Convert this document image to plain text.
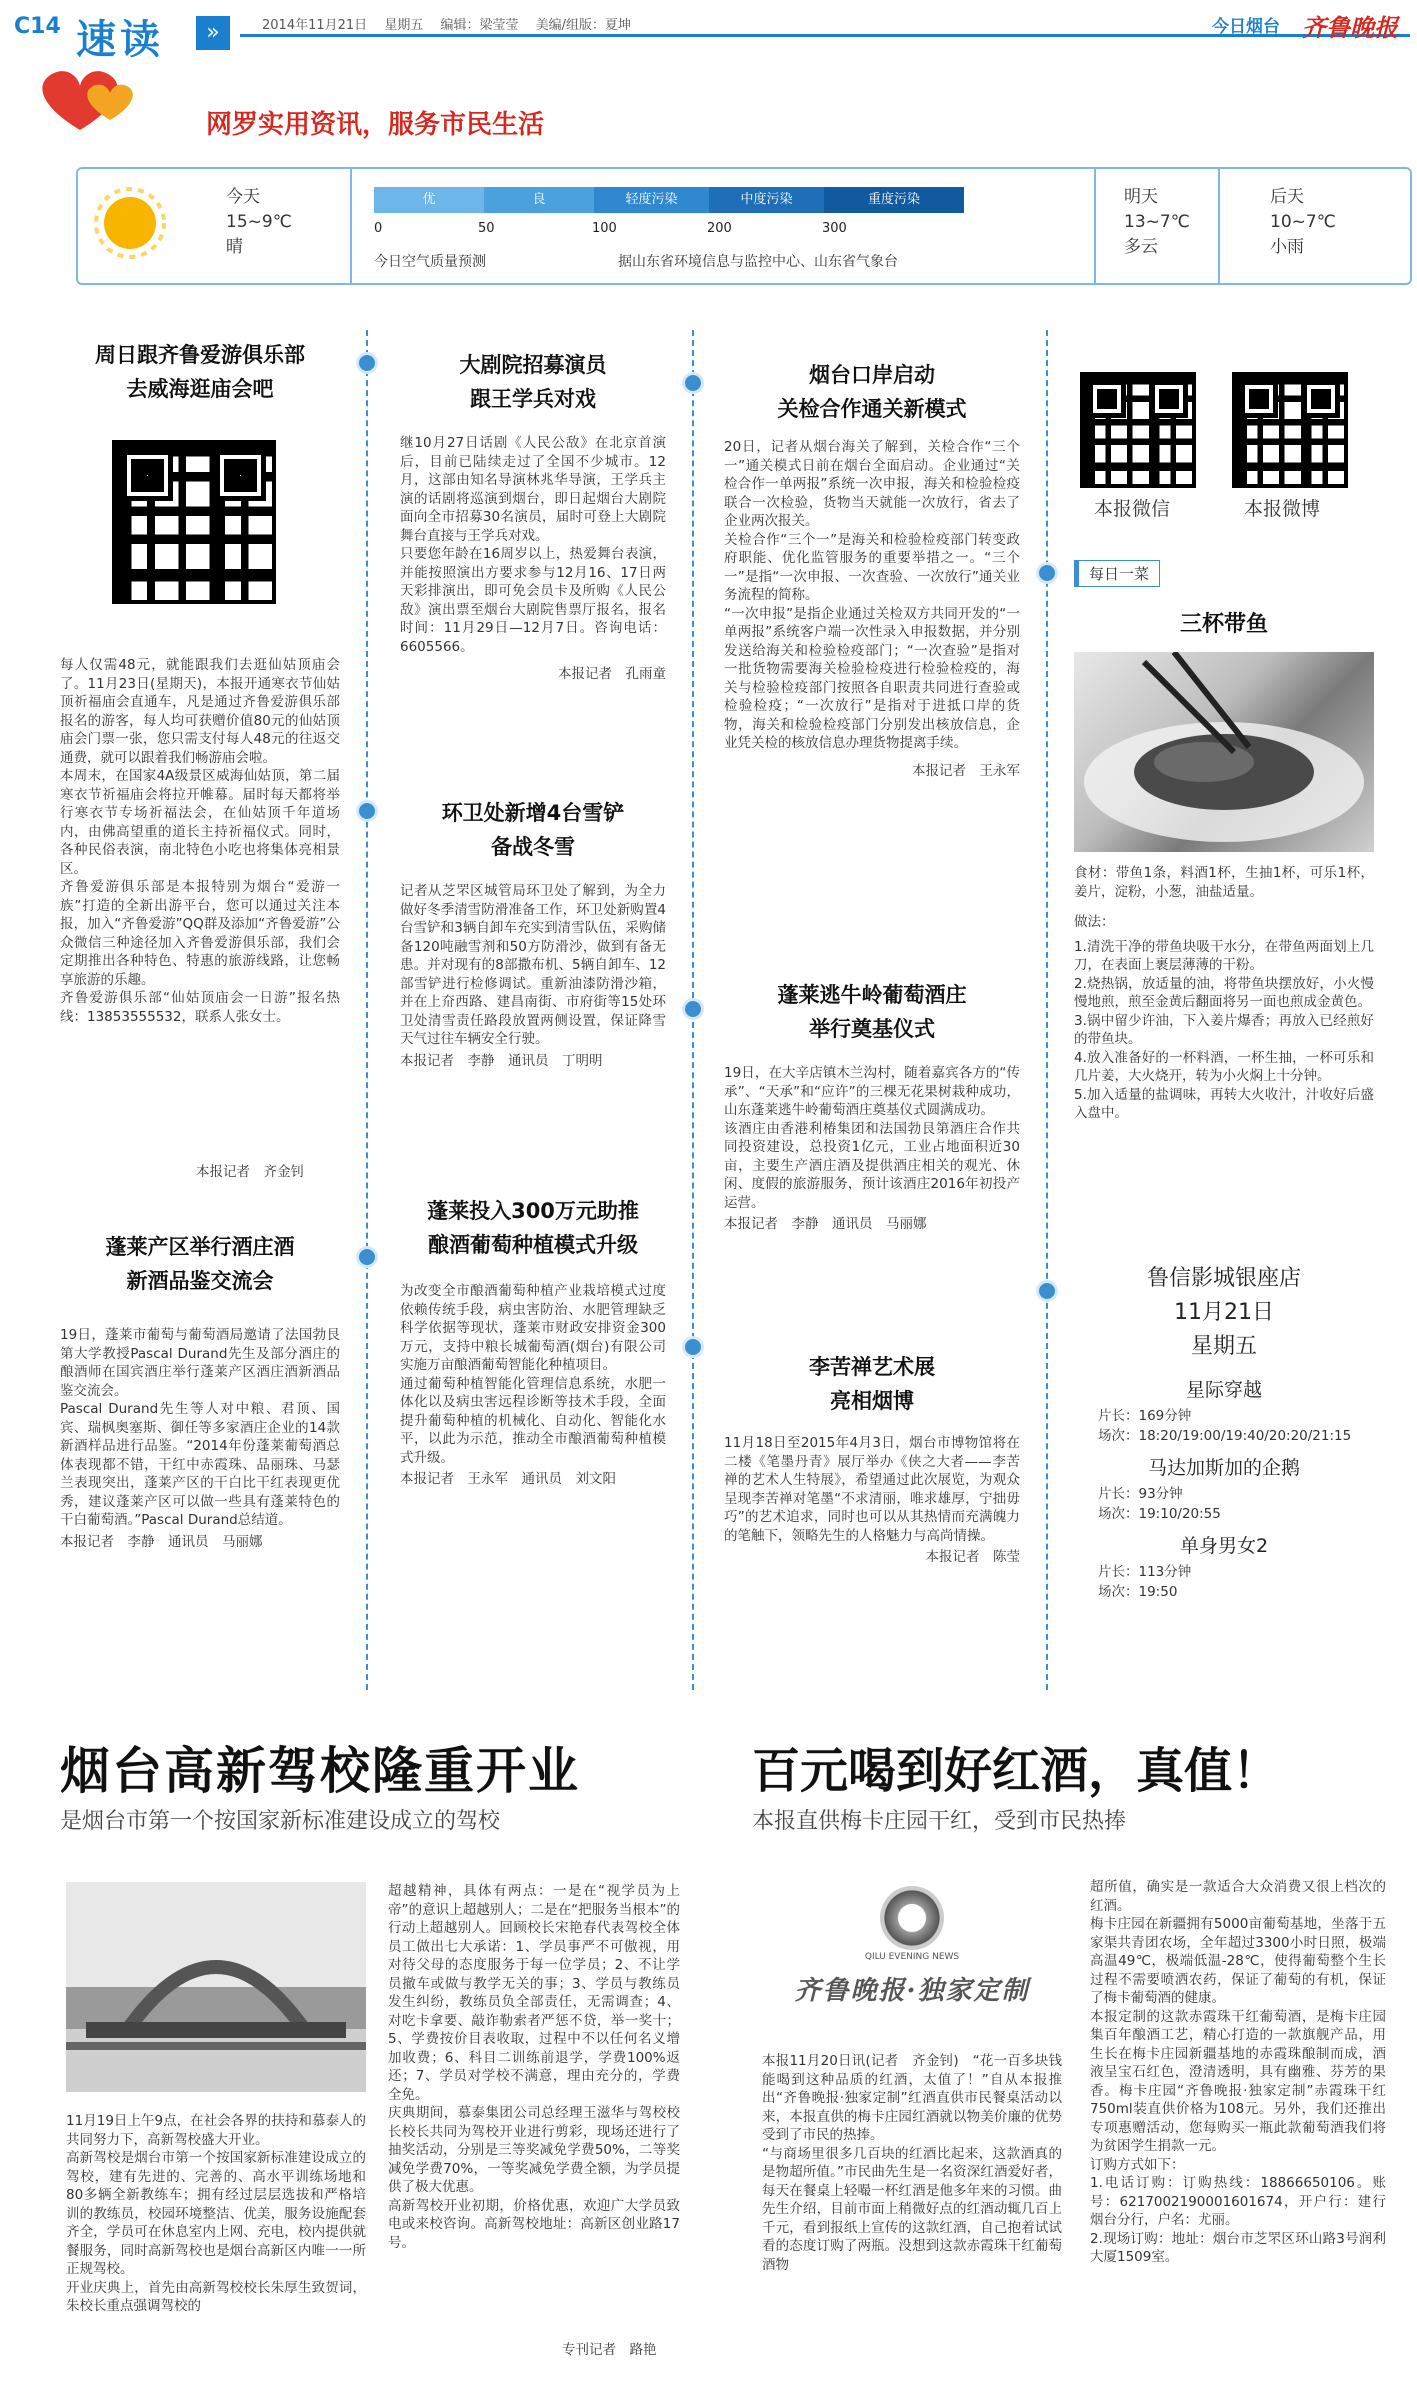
C14 速读	»	2014年11月21日　 星期五　 编辑：梁莹莹　 美编/组版：夏坤	今日烟台 齐鲁晚报
网罗实用资讯，服务市民生活
今天
15~9℃
晴
优	良	轻度污染	中度污染	重度污染
0	50	100	200	300
今日空气质量预测	据山东省环境信息与监控中心、山东省气象台
明天
13~7℃
多云
后天
10~7℃
小雨
周日跟齐鲁爱游俱乐部
去威海逛庙会吧
每人仅需48元，就能跟我们去逛仙姑顶庙会了。11月23日(星期天)，本报开通寒衣节仙姑顶祈福庙会直通车，凡是通过齐鲁爱游俱乐部报名的游客，每人均可获赠价值80元的仙姑顶庙会门票一张，您只需支付每人48元的往返交通费，就可以跟着我们畅游庙会啦。
本周末，在国家4A级景区威海仙姑顶，第二届寒衣节祈福庙会将拉开帷幕。届时每天都将举行寒衣节专场祈福法会，在仙姑顶千年道场内，由佛高望重的道长主持祈福仪式。同时，各种民俗表演，南北特色小吃也将集体亮相景区。
齐鲁爱游俱乐部是本报特别为烟台“爱游一族”打造的全新出游平台，您可以通过关注本报，加入“齐鲁爱游”QQ群及添加“齐鲁爱游”公众微信三种途径加入齐鲁爱游俱乐部，我们会定期推出各种特色、特惠的旅游线路，让您畅享旅游的乐趣。
齐鲁爱游俱乐部“仙姑顶庙会一日游”报名热线：13853555532，联系人张女士。
本报记者　齐金钊
蓬莱产区举行酒庄酒
新酒品鉴交流会
19日，蓬莱市葡萄与葡萄酒局邀请了法国勃艮第大学教授Pascal Durand先生及部分酒庄的酿酒师在国宾酒庄举行蓬莱产区酒庄酒新酒品鉴交流会。
Pascal Durand先生等人对中粮、君顶、国宾、瑞枫奥塞斯、御任等多家酒庄企业的14款新酒样品进行品鉴。“2014年份蓬莱葡萄酒总体表现都不错，干红中赤霞珠、品丽珠、马瑟兰表现突出，蓬莱产区的干白比干红表现更优秀，建议蓬莱产区可以做一些具有蓬莱特色的干白葡萄酒。”Pascal Durand总结道。
本报记者　李静　通讯员　马丽娜
大剧院招募演员
跟王学兵对戏
继10月27日话剧《人民公敌》在北京首演后，目前已陆续走过了全国不少城市。12月，这部由知名导演林兆华导演，王学兵主演的话剧将巡演到烟台，即日起烟台大剧院面向全市招募30名演员，届时可登上大剧院舞台直接与王学兵对戏。
只要您年龄在16周岁以上，热爱舞台表演，并能按照演出方要求参与12月16、17日两天彩排演出，即可免会员卡及所购《人民公敌》演出票至烟台大剧院售票厅报名，报名时间：11月29日—12月7日。咨询电话：6605566。
本报记者　孔雨童
环卫处新增4台雪铲
备战冬雪
记者从芝罘区城管局环卫处了解到，为全力做好冬季清雪防滑准备工作，环卫处新购置4台雪铲和3辆自卸车充实到清雪队伍，采购储备120吨融雪剂和50方防滑沙，做到有备无患。并对现有的8部撒布机、5辆自卸车、12部雪铲进行检修调试。重新油漆防滑沙箱，并在上夼西路、建昌南街、市府街等15处环卫处清雪责任路段放置两侧设置，保证降雪天气过往车辆安全行驶。
本报记者　李静　通讯员　丁明明
蓬莱投入300万元助推
酿酒葡萄种植模式升级
为改变全市酿酒葡萄种植产业栽培模式过度依赖传统手段，病虫害防治、水肥管理缺乏科学依据等现状，蓬莱市财政安排资金300万元，支持中粮长城葡萄酒(烟台)有限公司实施万亩酿酒葡萄智能化种植项目。
通过葡萄种植智能化管理信息系统，水肥一体化以及病虫害远程诊断等技术手段，全面提升葡萄种植的机械化、自动化、智能化水平，以此为示范，推动全市酿酒葡萄种植模式升级。
本报记者　王永军　通讯员　刘文阳
烟台口岸启动
关检合作通关新模式
20日，记者从烟台海关了解到，关检合作“三个一”通关模式日前在烟台全面启动。企业通过“关检合作一单两报”系统一次申报，海关和检验检疫联合一次检验，货物当天就能一次放行，省去了企业两次报关。
关检合作“三个一”是海关和检验检疫部门转变政府职能、优化监管服务的重要举措之一。“三个一”是指“一次申报、一次查验、一次放行”通关业务流程的简称。
“一次申报”是指企业通过关检双方共同开发的“一单两报”系统客户端一次性录入申报数据，并分别发送给海关和检验检疫部门；“一次查验”是指对一批货物需要海关检验检疫进行检验检疫的，海关与检验检疫部门按照各自职责共同进行查验或检验检疫；“一次放行”是指对于进抵口岸的货物，海关和检验检疫部门分别发出核放信息，企业凭关检的核放信息办理货物提离手续。
本报记者　王永军
蓬莱逃牛岭葡萄酒庄
举行奠基仪式
19日，在大辛店镇木兰沟村，随着嘉宾各方的“传承”、“天承”和“应许”的三棵无花果树栽种成功，山东蓬莱逃牛岭葡萄酒庄奠基仪式圆满成功。
该酒庄由香港利椿集团和法国勃艮第酒庄合作共同投资建设，总投资1亿元，工业占地面积近30亩，主要生产酒庄酒及提供酒庄相关的观光、休闲、度假的旅游服务，预计该酒庄2016年初投产运营。
本报记者　李静　通讯员　马丽娜
李苦禅艺术展
亮相烟博
11月18日至2015年4月3日，烟台市博物馆将在二楼《笔墨丹青》展厅举办《侠之大者——李苦禅的艺术人生特展》，希望通过此次展览，为观众呈现李苦禅对笔墨“不求清丽，唯求雄厚，宁拙毋巧”的艺术追求，同时也可以从其热情而充满魄力的笔触下，领略先生的人格魅力与高尚情操。
本报记者　陈莹
本报微信	本报微博
每日一菜
三杯带鱼
食材：带鱼1条，料酒1杯，生抽1杯，可乐1杯，姜片，淀粉，小葱，油盐适量。
做法：
1.清洗干净的带鱼块吸干水分，在带鱼两面划上几刀，在表面上裹层薄薄的干粉。
2.烧热锅，放适量的油，将带鱼块摆放好，小火慢慢地煎，煎至金黄后翻面将另一面也煎成金黄色。
3.锅中留少许油，下入姜片爆香；再放入已经煎好的带鱼块。
4.放入准备好的一杯料酒，一杯生抽，一杯可乐和几片姜，大火烧开，转为小火焖上十分钟。
5.加入适量的盐调味，再转大火收汁，汁收好后盛入盘中。
鲁信影城银座店
11月21日
星期五
星际穿越
片长：169分钟
场次：18:20/19:00/19:40/20:20/21:15
马达加斯加的企鹅
片长：93分钟
场次：19:10/20:55
单身男女2
片长：113分钟
场次：19:50
烟台高新驾校隆重开业
是烟台市第一个按国家新标准建设成立的驾校
11月19日上午9点，在社会各界的扶持和慕泰人的共同努力下，高新驾校盛大开业。
高新驾校是烟台市第一个按国家新标准建设成立的驾校，建有先进的、完善的、高水平训练场地和80多辆全新教练车；拥有经过层层选拔和严格培训的教练员，校园环境整洁、优美，服务设施配套齐全，学员可在休息室内上网、充电，校内提供就餐服务，同时高新驾校也是烟台高新区内唯一一所正规驾校。
开业庆典上，首先由高新驾校校长朱厚生致贺词，朱校长重点强调驾校的
超越精神，具体有两点：一是在“视学员为上帝”的意识上超越别人；二是在“把服务当根本”的行动上超越别人。回顾校长宋艳春代表驾校全体员工做出七大承诺：1、学员事严不可傲视，用对待父母的态度服务于每一位学员；2、不让学员撤车或做与教学无关的事；3、学员与教练员发生纠纷，教练员负全部责任，无需调查；4、对吃卡拿要、敲诈勒索者严惩不贷，举一奖十；5、学费按价目表收取，过程中不以任何名义增加收费；6、科目二训练前退学，学费100%返还；7、学员对学校不满意，理由充分的，学费全免。
庆典期间，慕泰集团公司总经理王滋华与驾校校长校长共同为驾校开业进行剪彩，现场还进行了抽奖活动，分别是三等奖减免学费50%，二等奖减免学费70%，一等奖减免学费全额，为学员提供了极大优惠。
高新驾校开业初期，价格优惠，欢迎广大学员致电或来校咨询。高新驾校地址：高新区创业路17号。
专刊记者　路艳
百元喝到好红酒，真值！
本报直供梅卡庄园干红，受到市民热捧
QILU EVENING NEWS
齐鲁晚报·独家定制
本报11月20日讯(记者　齐金钊)　“花一百多块钱能喝到这种品质的红酒，太值了！”自从本报推出“齐鲁晚报·独家定制”红酒直供市民餐桌活动以来，本报直供的梅卡庄园红酒就以物美价廉的优势受到了市民的热捧。
“与商场里很多几百块的红酒比起来，这款酒真的是物超所值。”市民曲先生是一名资深红酒爱好者，每天在餐桌上轻嘬一杯红酒是他多年来的习惯。曲先生介绍，目前市面上稍微好点的红酒动辄几百上千元，看到报纸上宣传的这款红酒，自己抱着试试看的态度订购了两瓶。没想到这款赤霞珠干红葡萄酒物
超所值，确实是一款适合大众消费又很上档次的红酒。
梅卡庄园在新疆拥有5000亩葡萄基地，坐落于五家渠共青团农场，全年超过3300小时日照，极端高温49℃，极端低温-28℃，使得葡萄整个生长过程不需要喷洒农药，保证了葡萄的有机，保证了梅卡葡萄酒的健康。
本报定制的这款赤霞珠干红葡萄酒，是梅卡庄园集百年酿酒工艺，精心打造的一款旗舰产品，用生长在梅卡庄园新疆基地的赤霞珠酿制而成，酒液呈宝石红色，澄清透明，具有幽雅、芬芳的果香。梅卡庄园“齐鲁晚报·独家定制”赤霞珠干红750ml装直供价格为108元。另外，我们还推出专项惠赠活动，您每购买一瓶此款葡萄酒我们将为贫困学生捐款一元。
订购方式如下：
1.电话订购：订购热线：18866650106。账号：6217002190001601674，开户行：建行烟台分行，户名：尤丽。
2.现场订购：地址：烟台市芝罘区环山路3号润利大厦1509室。
